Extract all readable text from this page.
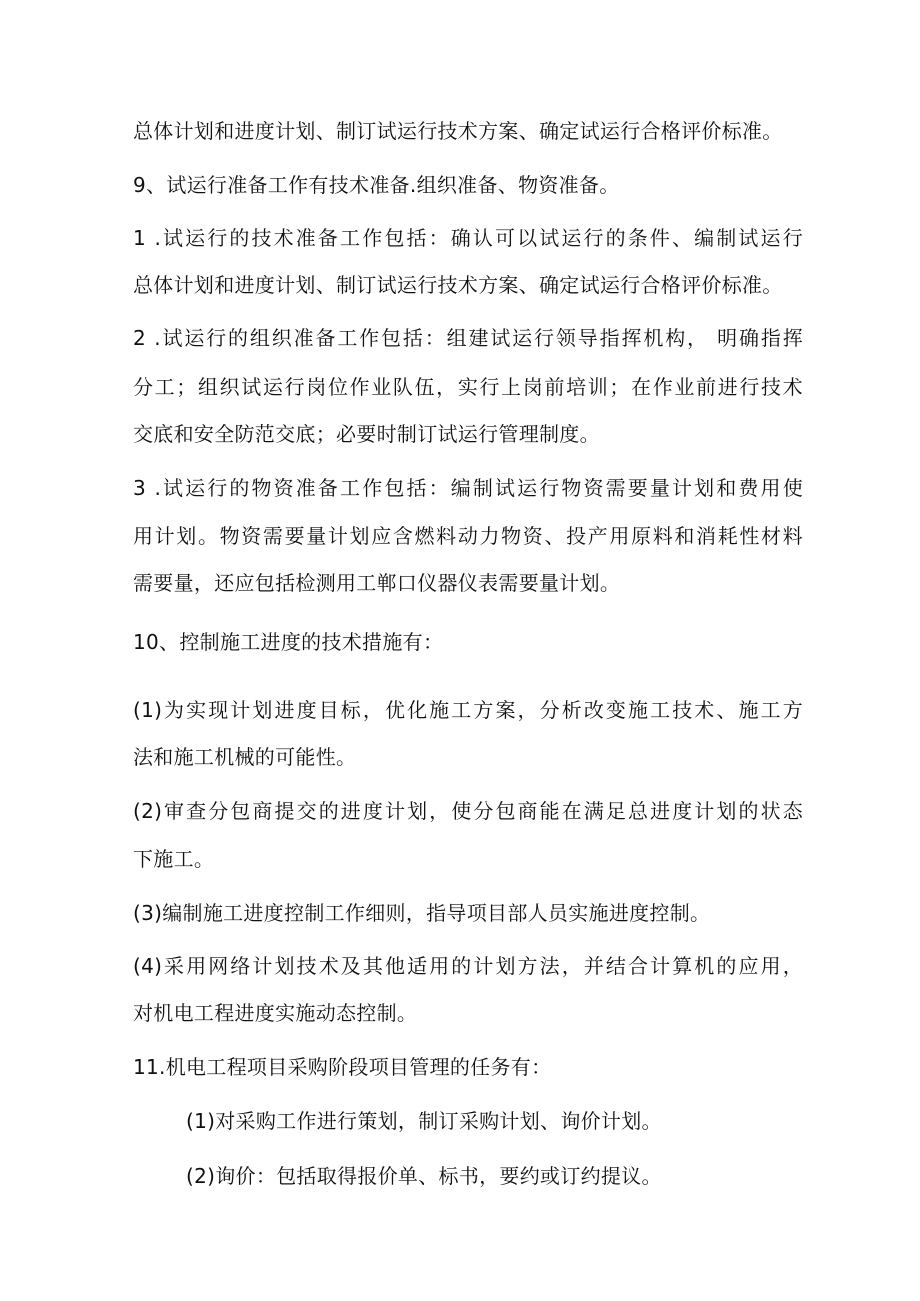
总体计划和进度计划、制订试运行技术方案、确定试运行合格评价标准。
9、试运行准备工作有技术准备.组织准备、物资准备。
1 .试运行的技术准备工作包括：确认可以试运行的条件、编制试运行
总体计划和进度计划、制订试运行技术方案、确定试运行合格评价标准。
2 .试运行的组织准备工作包括：组建试运行领导指挥机构， 明确指挥
分工；组织试运行岗位作业队伍，实行上岗前培训；在作业前进行技术
交底和安全防范交底；必要时制订试运行管理制度。
3 .试运行的物资准备工作包括：编制试运行物资需要量计划和费用使
用计划。物资需要量计划应含燃料动力物资、投产用原料和消耗性材料
需要量，还应包括检测用工郸口仪器仪表需要量计划。
10、控制施工进度的技术措施有：
(1)为实现计划进度目标，优化施工方案，分析改变施工技术、施工方
法和施工机械的可能性。
(2)审查分包商提交的进度计划，使分包商能在满足总进度计划的状态
下施工。
(3)编制施工进度控制工作细则，指导项目部人员实施进度控制。
(4)采用网络计划技术及其他适用的计划方法，并结合计算机的应用，
对机电工程进度实施动态控制。
11.机电工程项目采购阶段项目管理的任务有：
(1)对采购工作进行策划，制订采购计划、询价计划。
(2)询价：包括取得报价单、标书，要约或订约提议。
